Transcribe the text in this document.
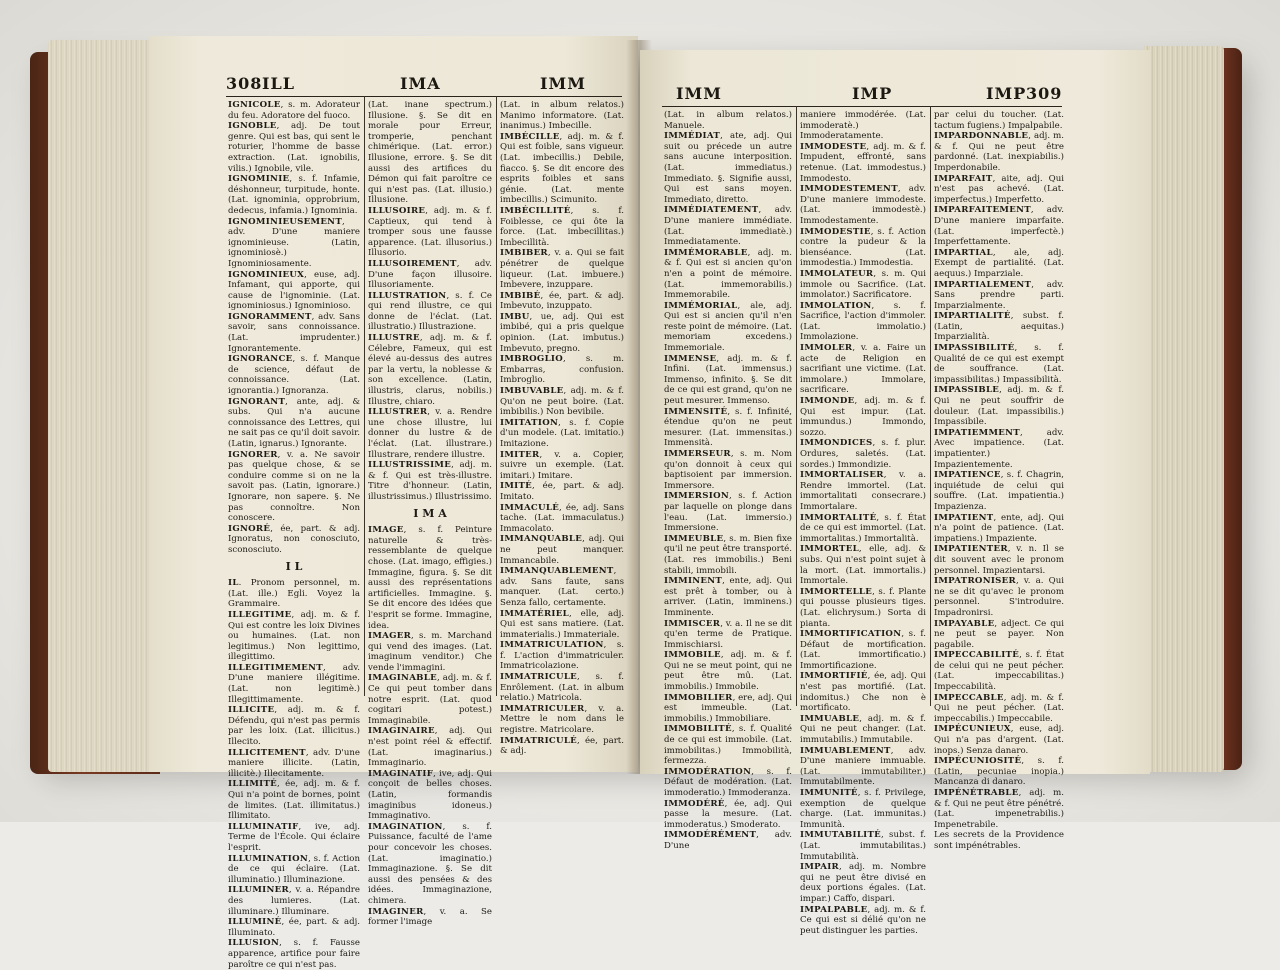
308 ILL	IMA	IMM
IGNICOLE, s. m. Adorateur du feu. Adoratore del fuoco.
IGNOBLE, adj. De tout genre. Qui est bas, qui sent le roturier, l'homme de basse extraction. (Lat. ignobilis, vilis.) Ignobile, vile.
IGNOMINIE, s. f. Infamie, déshonneur, turpitude, honte. (Lat. ignominia, opprobrium, dedecus, infamia.) Ignominia.
IGNOMINIEUSEMENT, adv. D'une maniere ignominieuse. (Latin, ignominiosè.) Ignominiosamente.
IGNOMINIEUX, euse, adj. Infamant, qui apporte, qui cause de l'ignominie. (Lat. ignominiosus.) Ignominioso.
IGNORAMMENT, adv. Sans savoir, sans connoissance. (Lat. imprudenter.) Ignorantemente.
IGNORANCE, s. f. Manque de science, défaut de connoissance. (Lat. ignorantia.) Ignoranza.
IGNORANT, ante, adj. & subs. Qui n'a aucune connoissance des Lettres, qui ne sait pas ce qu'il doit savoir. (Latin, ignarus.) Ignorante.
IGNORER, v. a. Ne savoir pas quelque chose, & se conduire comme si on ne la savoit pas. (Latin, ignorare.) Ignorare, non sapere. §. Ne pas connoître. Non conoscere.
IGNORÉ, ée, part. & adj. Ignoratus, non conosciuto, sconosciuto.
I L
IL. Pronom personnel, m. (Lat. ille.) Egli. Voyez la Grammaire.
ILLEGITIME, adj. m. & f. Qui est contre les loix Divines ou humaines. (Lat. non legitimus.) Non legittimo, illegittimo.
ILLEGITIMEMENT, adv. D'une maniere illégitime. (Lat. non legitimè.) Illegittimamente.
ILLICITE, adj. m. & f. Défendu, qui n'est pas permis par les loix. (Lat. illicitus.) Illecito.
ILLICITEMENT, adv. D'une maniere illicite. (Latin, illicitè.) Illecitamente.
ILLIMITÉ, ée, adj. m. & f. Qui n'a point de bornes, point de limites. (Lat. illimitatus.) Illimitato.
ILLUMINATIF, ive, adj. Terme de l'École. Qui éclaire l'esprit.
ILLUMINATION, s. f. Action de ce qui éclaire. (Lat. illuminatio.) Illuminazione.
ILLUMINER, v. a. Répandre des lumieres. (Lat. illuminare.) Illuminare.
ILLUMINÉ, ée, part. & adj. Illuminato.
ILLUSION, s. f. Fausse apparence, artifice pour faire paroître ce qui n'est pas.
(Lat. inane spectrum.) Illusione. §. Se dit en morale pour Erreur, tromperie, penchant chimérique. (Lat. error.) Illusione, errore. §. Se dit aussi des artifices du Démon qui fait paroître ce qui n'est pas. (Lat. illusio.) Illusione.
ILLUSOIRE, adj. m. & f. Captieux, qui tend à tromper sous une fausse apparence. (Lat. illusorius.) Illusorio.
ILLUSOIREMENT, adv. D'une façon illusoire. Illusoriamente.
ILLUSTRATION, s. f. Ce qui rend illustre, ce qui donne de l'éclat. (Lat. illustratio.) Illustrazione.
ILLUSTRE, adj. m. & f. Célebre, Fameux, qui est élevé au-dessus des autres par la vertu, la noblesse & son excellence. (Latin, illustris, clarus, nobilis.) Illustre, chiaro.
ILLUSTRER, v. a. Rendre une chose illustre, lui donner du lustre & de l'éclat. (Lat. illustrare.) Illustrare, rendere illustre.
ILLUSTRISSIME, adj. m. & f. Qui est très-illustre. Titre d'honneur. (Latin, illustrissimus.) Illustrissimo.
I M A
IMAGE, s. f. Peinture naturelle & très-ressemblante de quelque chose. (Lat. imago, effigies.) Immagine, figura. §. Se dit aussi des représentations artificielles. Immagine. §. Se dit encore des idées que l'esprit se forme. Immagine, idea.
IMAGER, s. m. Marchand qui vend des images. (Lat. imaginum venditor.) Che vende l'immagini.
IMAGINABLE, adj. m. & f. Ce qui peut tomber dans notre esprit. (Lat. quod cogitari potest.) Immaginabile.
IMAGINAIRE, adj. Qui n'est point réel & effectif. (Lat. imaginarius.) Immaginario.
IMAGINATIF, ive, adj. Qui conçoit de belles choses. (Latin, formandis imaginibus idoneus.) Immaginativo.
IMAGINATION, s. f. Puissance, faculté de l'ame pour concevoir les choses. (Lat. imaginatio.) Immaginazione. §. Se dit aussi des pensées & des idées. Immaginazione, chimera.
IMAGINER, v. a. Se former l'image
(Lat. in album relatos.) Manimo informatore. (Lat. inanimus.) Imbecille.
IMBÉCILLE, adj. m. & f. Qui est foible, sans vigueur. (Lat. imbecillis.) Debile, fiacco. §. Se dit encore des esprits foibles et sans génie. (Lat. mente imbecillis.) Scimunito.
IMBÉCILLITÉ, s. f. Foiblesse, ce qui ôte la force. (Lat. imbecillitas.) Imbecillità.
IMBIBER, v. a. Qui se fait pénétrer de quelque liqueur. (Lat. imbuere.) Imbevere, inzuppare.
IMBIBÉ, ée, part. & adj. Imbevuto, inzuppato.
IMBU, ue, adj. Qui est imbibé, qui a pris quelque opinion. (Lat. imbutus.) Imbevuto, pregno.
IMBROGLIO, s. m. Embarras, confusion. Imbroglio.
IMBUVABLE, adj. m. & f. Qu'on ne peut boire. (Lat. imbibilis.) Non bevibile.
IMITATION, s. f. Copie d'un modele. (Lat. imitatio.) Imitazione.
IMITER, v. a. Copier, suivre un exemple. (Lat. imitari.) Imitare.
IMITÉ, ée, part. & adj. Imitato.
IMMACULÉ, ée, adj. Sans tache. (Lat. immaculatus.) Immacolato.
IMMANQUABLE, adj. Qui ne peut manquer. Immancabile.
IMMANQUABLEMENT, adv. Sans faute, sans manquer. (Lat. certo.) Senza fallo, certamente.
IMMATÉRIEL, elle, adj. Qui est sans matiere. (Lat. immaterialis.) Immateriale.
IMMATRICULATION, s. f. L'action d'immatriculer. Immatricolazione.
IMMATRICULE, s. f. Enrôlement. (Lat. in album relatio.) Matricola.
IMMATRICULER, v. a. Mettre le nom dans le registre. Matricolare.
IMMATRICULÉ, ée, part. & adj.
IMM	IMP	IMP 309
(Lat. in album relatos.) Manuele.
IMMÉDIAT, ate, adj. Qui suit ou précede un autre sans aucune interposition. (Lat. immediatus.) Immediato. §. Signifie aussi, Qui est sans moyen. Immediato, diretto.
IMMÉDIATEMENT, adv. D'une maniere immédiate. (Lat. immediatè.) Immediatamente.
IMMÉMORABLE, adj. m. & f. Qui est si ancien qu'on n'en a point de mémoire. (Lat. immemorabilis.) Immemorabile.
IMMÉMORIAL, ale, adj. Qui est si ancien qu'il n'en reste point de mémoire. (Lat. memoriam excedens.) Immemoriale.
IMMENSE, adj. m. & f. Infini. (Lat. immensus.) Immenso, infinito. §. Se dit de ce qui est grand, qu'on ne peut mesurer. Immenso.
IMMENSITÉ, s. f. Infinité, étendue qu'on ne peut mesurer. (Lat. immensitas.) Immensità.
IMMERSEUR, s. m. Nom qu'on donnoit à ceux qui baptisoient par immersion. Immersore.
IMMERSION, s. f. Action par laquelle on plonge dans l'eau. (Lat. immersio.) Immersione.
IMMEUBLE, s. m. Bien fixe qu'il ne peut être transporté. (Lat. res immobilis.) Beni stabili, immobili.
IMMINENT, ente, adj. Qui est prêt à tomber, ou à arriver. (Latin, imminens.) Imminente.
IMMISCER, v. a. Il ne se dit qu'en terme de Pratique. Immischiarsi.
IMMOBILE, adj. m. & f. Qui ne se meut point, qui ne peut être mû. (Lat. immobilis.) Immobile.
IMMOBILIER, ere, adj. Qui est immeuble. (Lat. immobilis.) Immobiliare.
IMMOBILITÉ, s. f. Qualité de ce qui est immobile. (Lat. immobilitas.) Immobilità, fermezza.
IMMODÉRATION, s. f. Défaut de modération. (Lat. immoderatio.) Immoderanza.
IMMODÉRÉ, ée, adj. Qui passe la mesure. (Lat. immoderatus.) Smoderato.
IMMODÉRÉMENT, adv. D'une
maniere immodérée. (Lat. immoderatè.) Immoderatamente.
IMMODESTE, adj. m. & f. Impudent, effronté, sans retenue. (Lat. immodestus.) Immodesto.
IMMODESTEMENT, adv. D'une maniere immodeste. (Lat. immodestè.) Immodestamente.
IMMODESTIE, s. f. Action contre la pudeur & la bienséance. (Lat. immodestia.) Immodestia.
IMMOLATEUR, s. m. Qui immole ou Sacrifice. (Lat. immolator.) Sacrificatore.
IMMOLATION, s. f. Sacrifice, l'action d'immoler. (Lat. immolatio.) Immolazione.
IMMOLER, v. a. Faire un acte de Religion en sacrifiant une victime. (Lat. immolare.) Immolare, sacrificare.
IMMONDE, adj. m. & f. Qui est impur. (Lat. immundus.) Immondo, sozzo.
IMMONDICES, s. f. plur. Ordures, saletés. (Lat. sordes.) Immondizie.
IMMORTALISER, v. a. Rendre immortel. (Lat. immortalitati consecrare.) Immortalare.
IMMORTALITÉ, s. f. État de ce qui est immortel. (Lat. immortalitas.) Immortalità.
IMMORTEL, elle, adj. & subs. Qui n'est point sujet à la mort. (Lat. immortalis.) Immortale.
IMMORTELLE, s. f. Plante qui pousse plusieurs tiges. (Lat. elichrysum.) Sorta di pianta.
IMMORTIFICATION, s. f. Défaut de mortification. (Lat. immortificatio.) Immortificazione.
IMMORTIFIÉ, ée, adj. Qui n'est pas mortifié. (Lat. indomitus.) Che non è mortificato.
IMMUABLE, adj. m. & f. Qui ne peut changer. (Lat. immutabilis.) Immutabile.
IMMUABLEMENT, adv. D'une maniere immuable. (Lat. immutabiliter.) Immutabilmente.
IMMUNITÉ, s. f. Privilege, exemption de quelque charge. (Lat. immunitas.) Immunità.
IMMUTABILITÉ, subst. f. (Lat. immutabilitas.) Immutabilità.
IMPAIR, adj. m. Nombre qui ne peut être divisé en deux portions égales. (Lat. impar.) Caffo, dispari.
IMPALPABLE, adj. m. & f. Ce qui est si délié qu'on ne peut distinguer les parties.
par celui du toucher. (Lat. tactum fugiens.) Impalpabile.
IMPARDONNABLE, adj. m. & f. Qui ne peut être pardonné. (Lat. inexpiabilis.) Imperdonabile.
IMPARFAIT, aite, adj. Qui n'est pas achevé. (Lat. imperfectus.) Imperfetto.
IMPARFAITEMENT, adv. D'une maniere imparfaite. (Lat. imperfectè.) Imperfettamente.
IMPARTIAL, ale, adj. Exempt de partialité. (Lat. aequus.) Imparziale.
IMPARTIALEMENT, adv. Sans prendre parti. Imparzialmente.
IMPARTIALITÉ, subst. f. (Latin, aequitas.) Imparzialità.
IMPASSIBILITÉ, s. f. Qualité de ce qui est exempt de souffrance. (Lat. impassibilitas.) Impassibilità.
IMPASSIBLE, adj. m. & f. Qui ne peut souffrir de douleur. (Lat. impassibilis.) Impassibile.
IMPATIEMMENT, adv. Avec impatience. (Lat. impatienter.) Impazientemente.
IMPATIENCE, s. f. Chagrin, inquiétude de celui qui souffre. (Lat. impatientia.) Impazienza.
IMPATIENT, ente, adj. Qui n'a point de patience. (Lat. impatiens.) Impaziente.
IMPATIENTER, v. n. Il se dit souvent avec le pronom personnel. Impazientarsi.
IMPATRONISER, v. a. Qui ne se dit qu'avec le pronom personnel. S'introduire. Impadronirsi.
IMPAYABLE, adject. Ce qui ne peut se payer. Non pagabile.
IMPECCABILITÉ, s. f. État de celui qui ne peut pécher. (Lat. impeccabilitas.) Impeccabilità.
IMPECCABLE, adj. m. & f. Qui ne peut pécher. (Lat. impeccabilis.) Impeccabile.
IMPÉCUNIEUX, euse, adj. Qui n'a pas d'argent. (Lat. inops.) Senza danaro.
IMPÉCUNIOSITÉ, s. f. (Latin, pecuniae inopia.) Mancanza di danaro.
IMPÉNÉTRABLE, adj. m. & f. Qui ne peut être pénétré. (Lat. impenetrabilis.) Impenetrabile.
Les secrets de la Providence sont impénétrables.
